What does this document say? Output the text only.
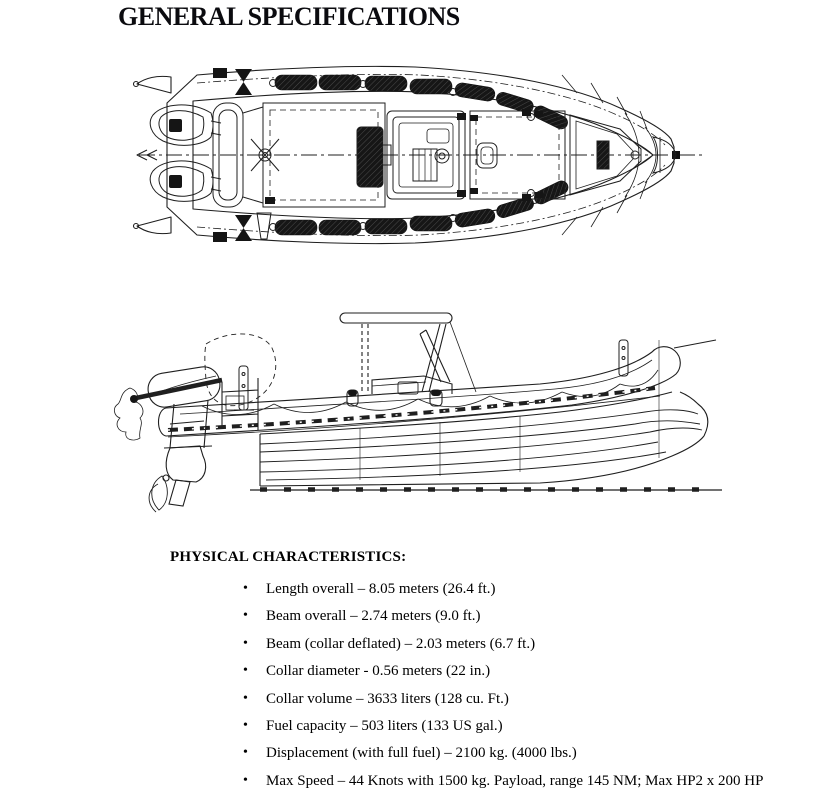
GENERAL SPECIFICATIONS
PHYSICAL CHARACTERISTICS:
•	Length overall – 8.05 meters (26.4 ft.)
•	Beam overall – 2.74 meters (9.0 ft.)
•	Beam (collar deflated) – 2.03 meters (6.7 ft.)
•	Collar diameter - 0.56 meters (22 in.)
•	Collar volume – 3633 liters (128 cu. Ft.)
•	Fuel capacity – 503 liters (133 US gal.)
•	Displacement (with full fuel) – 2100 kg. (4000 lbs.)
•	Max Speed – 44 Knots with 1500 kg. Payload, range 145 NM; Max HP2 x 200 HP
